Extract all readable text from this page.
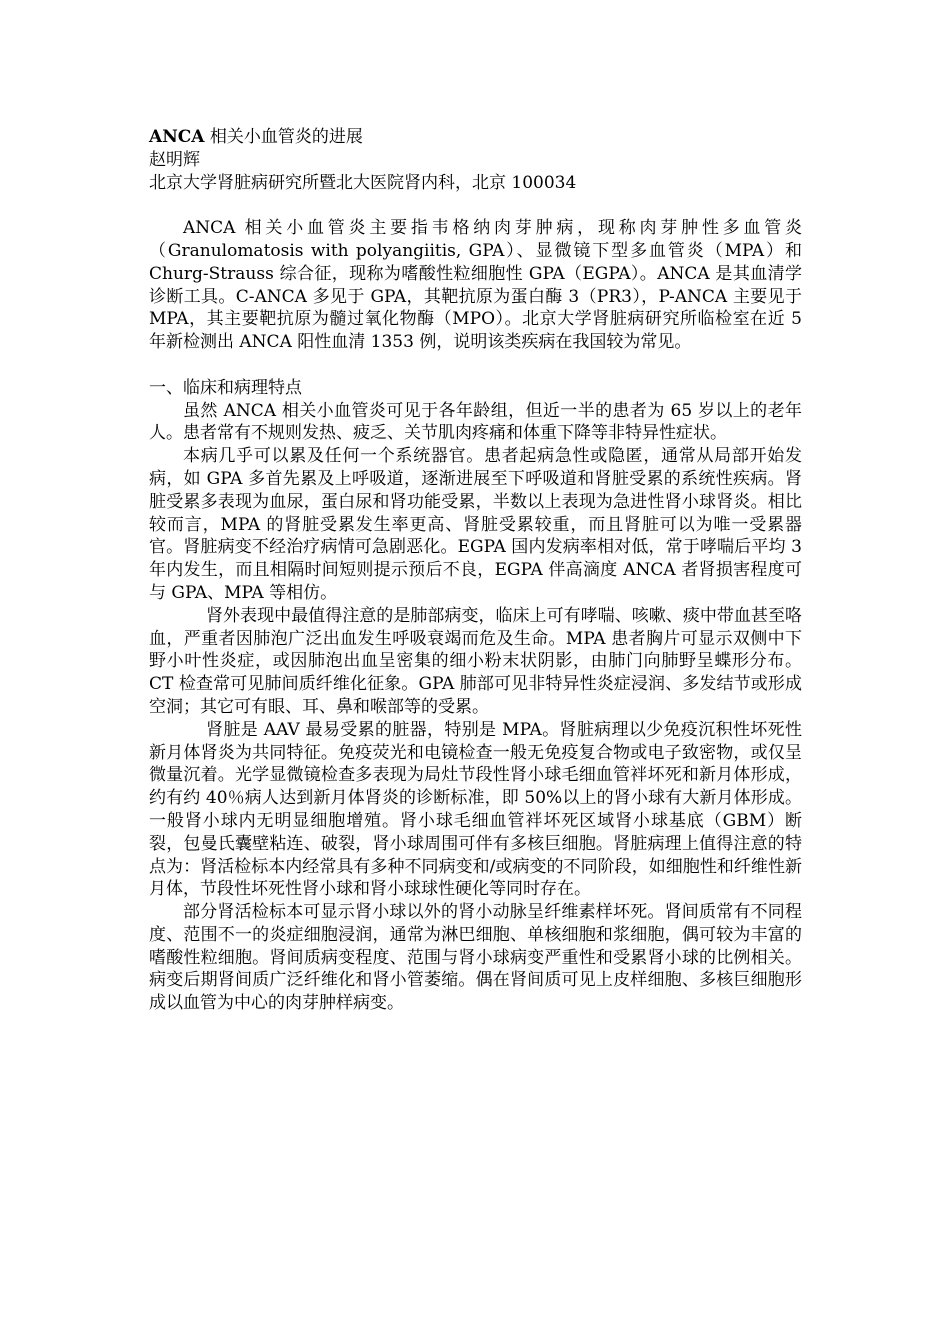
ANCA 相关小血管炎的进展

赵明辉

北京大学肾脏病研究所暨北大医院肾内科，北京 100034

ANCA 相关小血管炎主要指韦格纳肉芽肿病，现称肉芽肿性多血管炎（Granulomatosis with polyangiitis, GPA）、显微镜下型多血管炎（MPA）和 Churg-Strauss 综合征，现称为嗜酸性粒细胞性 GPA（EGPA）。ANCA 是其血清学诊断工具。C-ANCA 多见于 GPA，其靶抗原为蛋白酶 3（PR3），P-ANCA 主要见于 MPA，其主要靶抗原为髓过氧化物酶（MPO）。北京大学肾脏病研究所临检室在近 5 年新检测出 ANCA 阳性血清 1353 例，说明该类疾病在我国较为常见。

一、临床和病理特点

虽然 ANCA 相关小血管炎可见于各年龄组，但近一半的患者为 65 岁以上的老年人。患者常有不规则发热、疲乏、关节肌肉疼痛和体重下降等非特异性症状。

本病几乎可以累及任何一个系统器官。患者起病急性或隐匿，通常从局部开始发病，如 GPA 多首先累及上呼吸道，逐渐进展至下呼吸道和肾脏受累的系统性疾病。肾脏受累多表现为血尿，蛋白尿和肾功能受累，半数以上表现为急进性肾小球肾炎。相比较而言，MPA 的肾脏受累发生率更高、肾脏受累较重，而且肾脏可以为唯一受累器官。肾脏病变不经治疗病情可急剧恶化。EGPA 国内发病率相对低，常于哮喘后平均 3 年内发生，而且相隔时间短则提示预后不良，EGPA 伴高滴度 ANCA 者肾损害程度可与 GPA、MPA 等相仿。

肾外表现中最值得注意的是肺部病变，临床上可有哮喘、咳嗽、痰中带血甚至咯血，严重者因肺泡广泛出血发生呼吸衰竭而危及生命。MPA 患者胸片可显示双侧中下野小叶性炎症，或因肺泡出血呈密集的细小粉末状阴影，由肺门向肺野呈蝶形分布。CT 检查常可见肺间质纤维化征象。GPA 肺部可见非特异性炎症浸润、多发结节或形成空洞；其它可有眼、耳、鼻和喉部等的受累。

肾脏是 AAV 最易受累的脏器，特别是 MPA。肾脏病理以少免疫沉积性坏死性新月体肾炎为共同特征。免疫荧光和电镜检查一般无免疫复合物或电子致密物，或仅呈微量沉着。光学显微镜检查多表现为局灶节段性肾小球毛细血管袢坏死和新月体形成，约有约 40％病人达到新月体肾炎的诊断标准，即 50%以上的肾小球有大新月体形成。一般肾小球内无明显细胞增殖。肾小球毛细血管袢坏死区域肾小球基底（GBM）断裂，包曼氏囊壁粘连、破裂，肾小球周围可伴有多核巨细胞。肾脏病理上值得注意的特点为：肾活检标本内经常具有多种不同病变和/或病变的不同阶段，如细胞性和纤维性新月体，节段性坏死性肾小球和肾小球球性硬化等同时存在。

部分肾活检标本可显示肾小球以外的肾小动脉呈纤维素样坏死。肾间质常有不同程度、范围不一的炎症细胞浸润，通常为淋巴细胞、单核细胞和浆细胞，偶可较为丰富的嗜酸性粒细胞。肾间质病变程度、范围与肾小球病变严重性和受累肾小球的比例相关。病变后期肾间质广泛纤维化和肾小管萎缩。偶在肾间质可见上皮样细胞、多核巨细胞形成以血管为中心的肉芽肿样病变。
